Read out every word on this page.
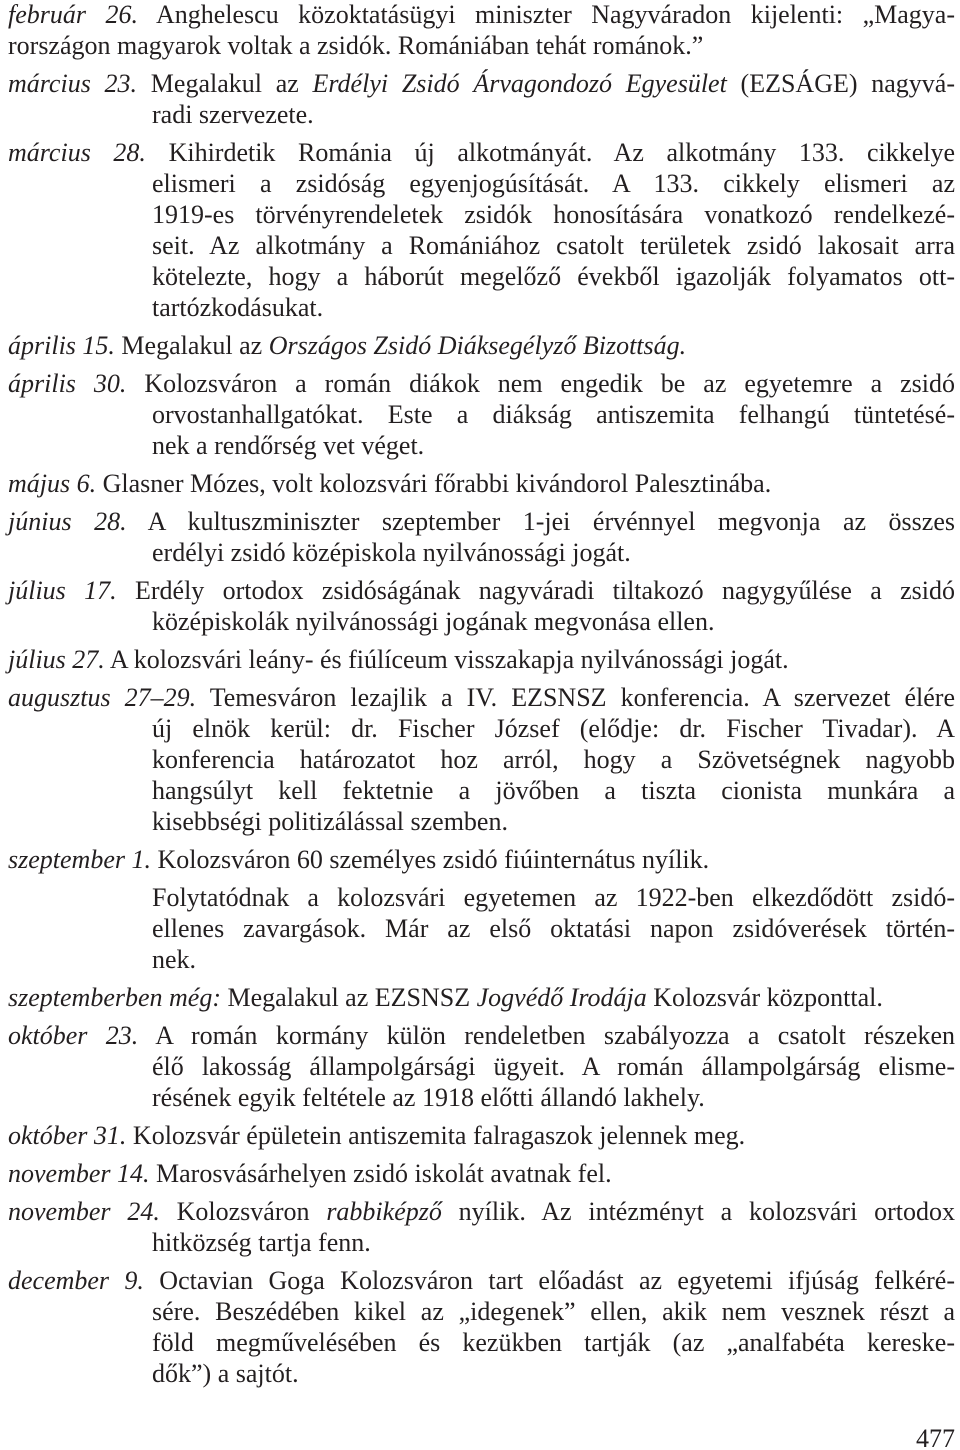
február 26. Anghelescu közoktatásügyi miniszter Nagyváradon kijelenti: „Magya-
rországon magyarok voltak a zsidók. Romániában tehát románok.”
március 23. Megalakul az Erdélyi Zsidó Árvagondozó Egyesület (EZSÁGE) nagyvá-
radi szervezete.
március 28. Kihirdetik Románia új alkotmányát. Az alkotmány 133. cikkelye
elismeri a zsidóság egyenjogúsítását. A 133. cikkely elismeri az
1919-es törvényrendeletek zsidók honosítására vonatkozó rendelkezé-
seit. Az alkotmány a Romániához csatolt területek zsidó lakosait arra
kötelezte, hogy a háborút megelőző évekből igazolják folyamatos ott-
tartózkodásukat.
április 15. Megalakul az Országos Zsidó Diáksegélyző Bizottság.
április 30. Kolozsváron a román diákok nem engedik be az egyetemre a zsidó
orvostanhallgatókat. Este a diákság antiszemita felhangú tüntetésé-
nek a rendőrség vet véget.
május 6. Glasner Mózes, volt kolozsvári főrabbi kivándorol Palesztinába.
június 28. A kultuszminiszter szeptember 1-jei érvénnyel megvonja az összes
erdélyi zsidó középiskola nyilvánossági jogát.
július 17. Erdély ortodox zsidóságának nagyváradi tiltakozó nagygyűlése a zsidó
középiskolák nyilvánossági jogának megvonása ellen.
július 27. A kolozsvári leány- és fiúlíceum visszakapja nyilvánossági jogát.
augusztus 27–29. Temesváron lezajlik a IV. EZSNSZ konferencia. A szervezet élére
új elnök kerül: dr. Fischer József (elődje: dr. Fischer Tivadar). A
konferencia határozatot hoz arról, hogy a Szövetségnek nagyobb
hangsúlyt kell fektetnie a jövőben a tiszta cionista munkára a
kisebbségi politizálással szemben.
szeptember 1. Kolozsváron 60 személyes zsidó fiúinternátus nyílik.
Folytatódnak a kolozsvári egyetemen az 1922-ben elkezdődött zsidó-
ellenes zavargások. Már az első oktatási napon zsidóverések történ-
nek.
szeptemberben még: Megalakul az EZSNSZ Jogvédő Irodája Kolozsvár központtal.
október 23. A román kormány külön rendeletben szabályozza a csatolt részeken
élő lakosság állampolgársági ügyeit. A román állampolgárság elisme-
résének egyik feltétele az 1918 előtti állandó lakhely.
október 31. Kolozsvár épületein antiszemita falragaszok jelennek meg.
november 14. Marosvásárhelyen zsidó iskolát avatnak fel.
november 24. Kolozsváron rabbiképző nyílik. Az intézményt a kolozsvári ortodox
hitközség tartja fenn.
december 9. Octavian Goga Kolozsváron tart előadást az egyetemi ifjúság felkéré-
sére. Beszédében kikel az „idegenek” ellen, akik nem vesznek részt a
föld megművelésében és kezükben tartják (az „analfabéta kereske-
dők”) a sajtót.
477
